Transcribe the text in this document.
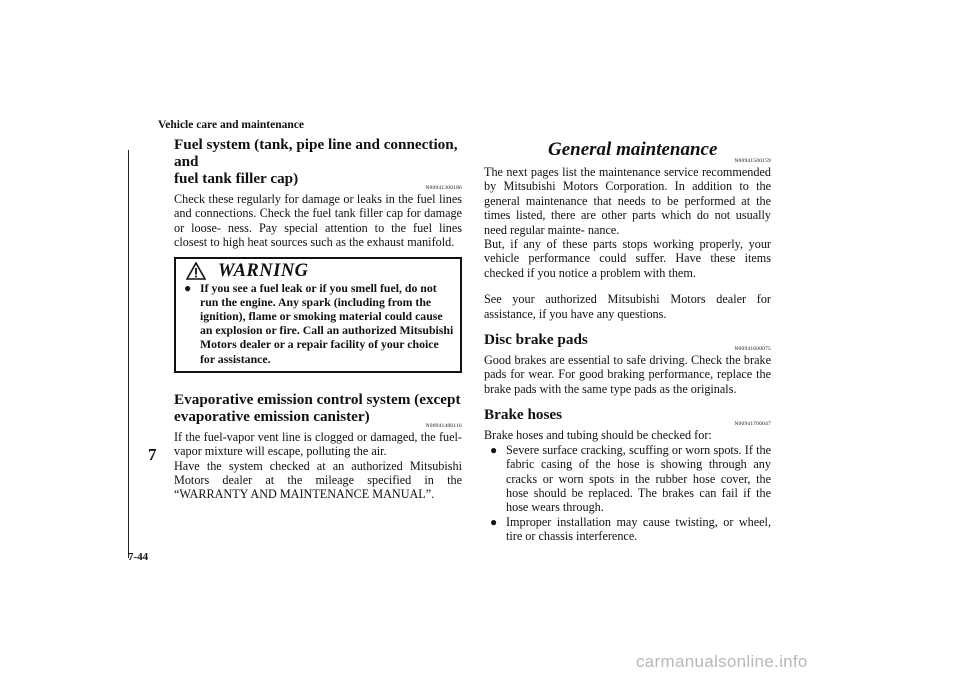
Vehicle care and maintenance
7
7-44
Fuel system (tank, pipe line and connection, and
fuel tank filler cap)
N00941300186

Check these regularly for damage or leaks in the fuel lines and connections. Check the fuel tank filler cap for damage or loose- ness. Pay special attention to the fuel lines closest to high heat sources such as the exhaust manifold.

WARNING
● If you see a fuel leak or if you smell fuel, do not run the engine. Any spark (including from the ignition), flame or smoking material could cause an explosion or fire. Call an authorized Mitsubishi Motors dealer or a repair facility of your choice for assistance.
Evaporative emission control system (except
evaporative emission canister)
N00941400116

If the fuel-vapor vent line is clogged or damaged, the fuel- vapor mixture will escape, polluting the air.

Have the system checked at an authorized Mitsubishi Motors dealer at the mileage specified in the “WARRANTY AND MAINTENANCE MANUAL”.

General maintenance
N00941500159

The next pages list the maintenance service recommended by Mitsubishi Motors Corporation. In addition to the general maintenance that needs to be performed at the times listed, there are other parts which do not usually need regular mainte- nance.

But, if any of these parts stops working properly, your vehicle performance could suffer. Have these items checked if you notice a problem with them.

See your authorized Mitsubishi Motors dealer for assistance, if you have any questions.

Disc brake pads
N00941600075

Good brakes are essential to safe driving. Check the brake pads for wear. For good braking performance, replace the brake pads with the same type pads as the originals.

Brake hoses
N00941700047

Brake hoses and tubing should be checked for:

● Severe surface cracking, scuffing or worn spots. If the fabric casing of the hose is showing through any cracks or worn spots in the rubber hose cover, the hose should be replaced. The brakes can fail if the hose wears through.
● Improper installation may cause twisting, or wheel, tire or chassis interference.
carmanualsonline.info
